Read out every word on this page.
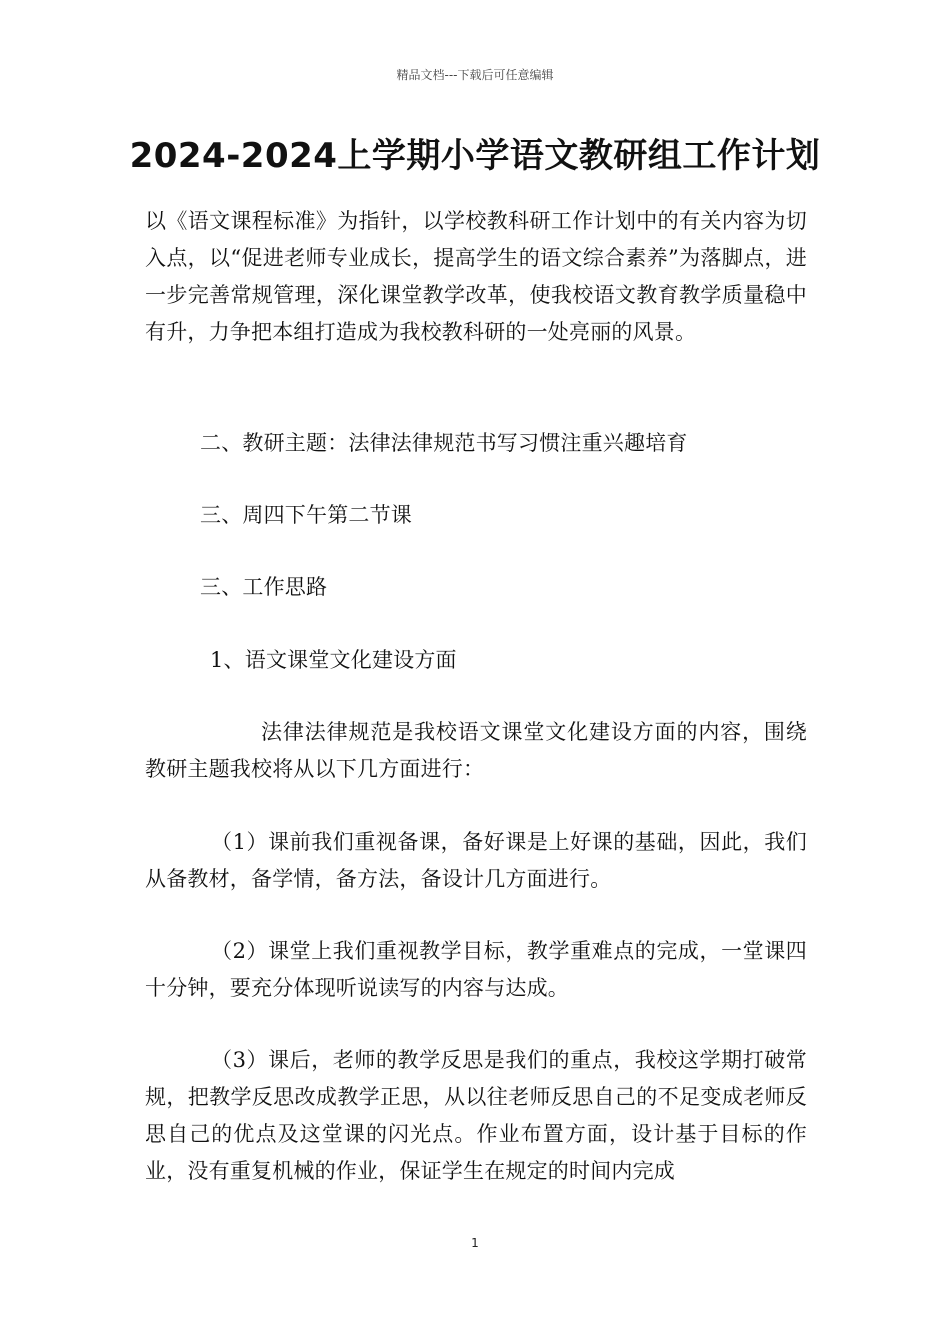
精品文档---下载后可任意编辑
2024-2024上学期小学语文教研组工作计划

以《语文课程标准》为指针，以学校教科研工作计划中的有关内容为切入点，以“促进老师专业成长，提高学生的语文综合素养”为落脚点，进一步完善常规管理，深化课堂教学改革，使我校语文教育教学质量稳中有升，力争把本组打造成为我校教科研的一处亮丽的风景。

二、教研主题：法律法律规范书写习惯注重兴趣培育

三、周四下午第二节课

三、工作思路

1、语文课堂文化建设方面

法律法律规范是我校语文课堂文化建设方面的内容，围绕教研主题我校将从以下几方面进行：

（1）课前我们重视备课，备好课是上好课的基础，因此，我们从备教材，备学情，备方法，备设计几方面进行。

（2）课堂上我们重视教学目标，教学重难点的完成，一堂课四十分钟，要充分体现听说读写的内容与达成。

（3）课后，老师的教学反思是我们的重点，我校这学期打破常规，把教学反思改成教学正思，从以往老师反思自己的不足变成老师反思自己的优点及这堂课的闪光点。作业布置方面，设计基于目标的作业，没有重复机械的作业，保证学生在规定的时间内完成

1
